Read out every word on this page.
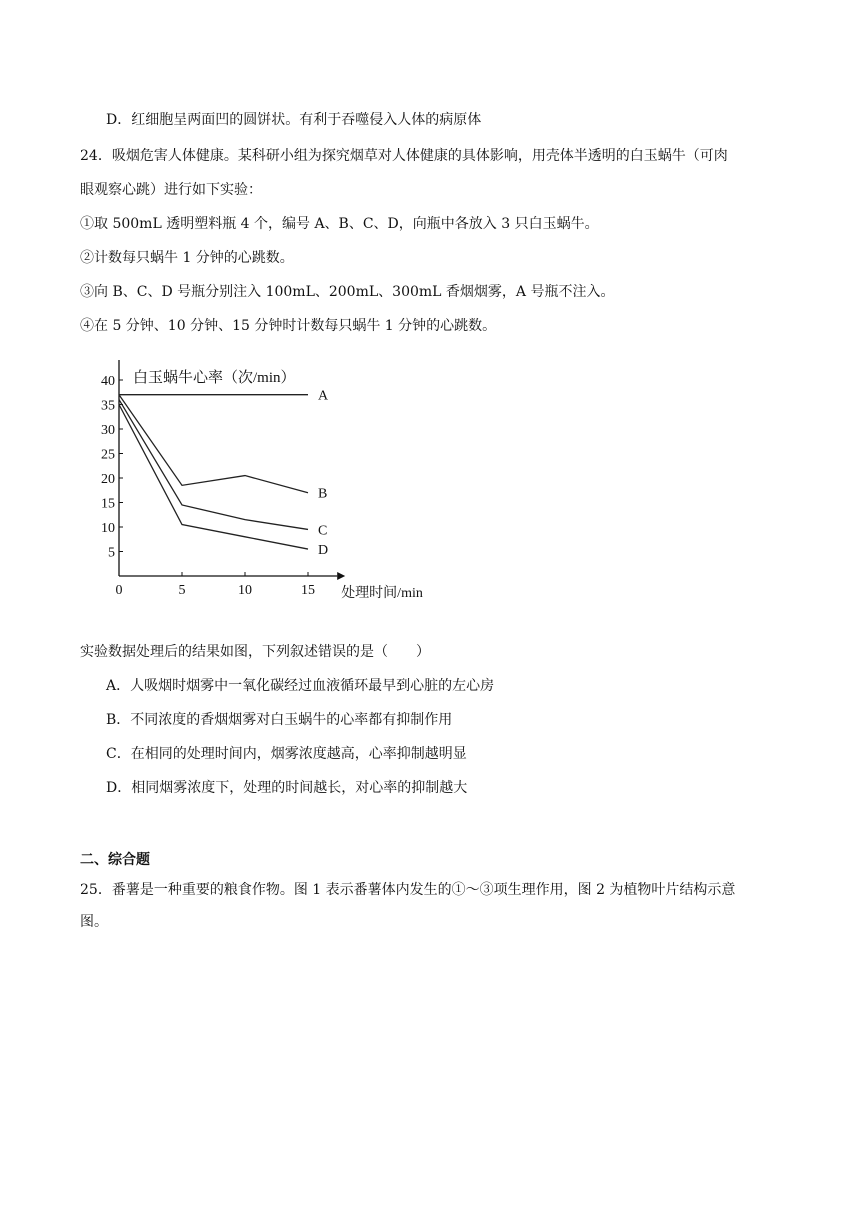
D．红细胞呈两面凹的圆饼状。有利于吞噬侵入人体的病原体
24．吸烟危害人体健康。某科研小组为探究烟草对人体健康的具体影响，用壳体半透明的白玉蜗牛（可肉
眼观察心跳）进行如下实验：
①取 500mL 透明塑料瓶 4 个，编号 A、B、C、D，向瓶中各放入 3 只白玉蜗牛。
②计数每只蜗牛 1 分钟的心跳数。
③向 B、C、D 号瓶分别注入 100mL、200mL、300mL 香烟烟雾，A 号瓶不注入。
④在 5 分钟、10 分钟、15 分钟时计数每只蜗牛 1 分钟的心跳数。
5
10
15
20
25
30
35
40
0	5	10	15
白玉蜗牛心率（次/min）
处理时间/min
A
B
C
D
实验数据处理后的结果如图，下列叙述错误的是（　　）
A．人吸烟时烟雾中一氧化碳经过血液循环最早到心脏的左心房
B．不同浓度的香烟烟雾对白玉蜗牛的心率都有抑制作用
C．在相同的处理时间内，烟雾浓度越高，心率抑制越明显
D．相同烟雾浓度下，处理的时间越长，对心率的抑制越大
二、综合题
25．番薯是一种重要的粮食作物。图 1 表示番薯体内发生的①～③项生理作用，图 2 为植物叶片结构示意
图。
